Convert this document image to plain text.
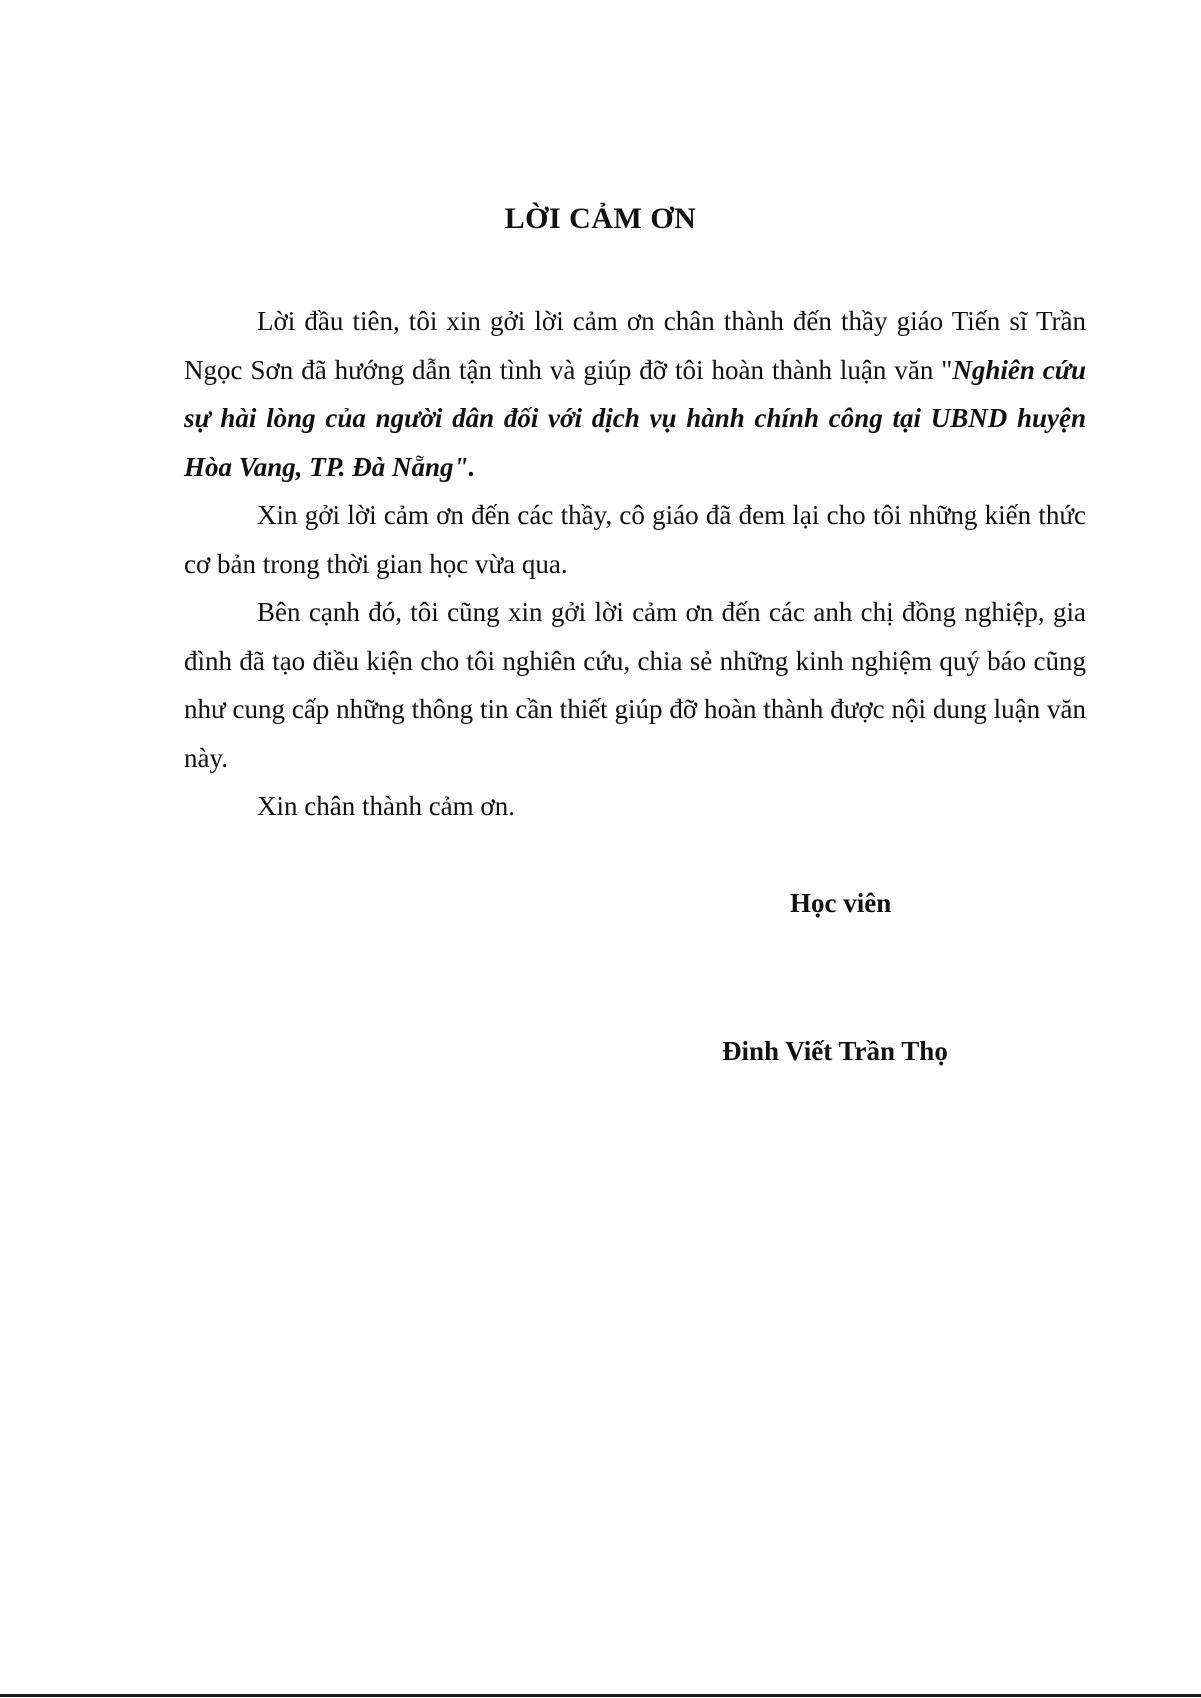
LỜI CẢM ƠN

Lời đầu tiên, tôi xin gởi lời cảm ơn chân thành đến thầy giáo Tiến sĩ Trần Ngọc Sơn đã hướng dẫn tận tình và giúp đỡ tôi hoàn thành luận văn "Nghiên cứu sự hài lòng của người dân đối với dịch vụ hành chính công tại UBND huyện Hòa Vang, TP. Đà Nẵng".

Xin gởi lời cảm ơn đến các thầy, cô giáo đã đem lại cho tôi những kiến thức cơ bản trong thời gian học vừa qua.

Bên cạnh đó, tôi cũng xin gởi lời cảm ơn đến các anh chị đồng nghiệp, gia đình đã tạo điều kiện cho tôi nghiên cứu, chia sẻ những kinh nghiệm quý báo cũng như cung cấp những thông tin cần thiết giúp đỡ hoàn thành được nội dung luận văn này.

Xin chân thành cảm ơn.

Học viên
Đinh Viết Trần Thọ
